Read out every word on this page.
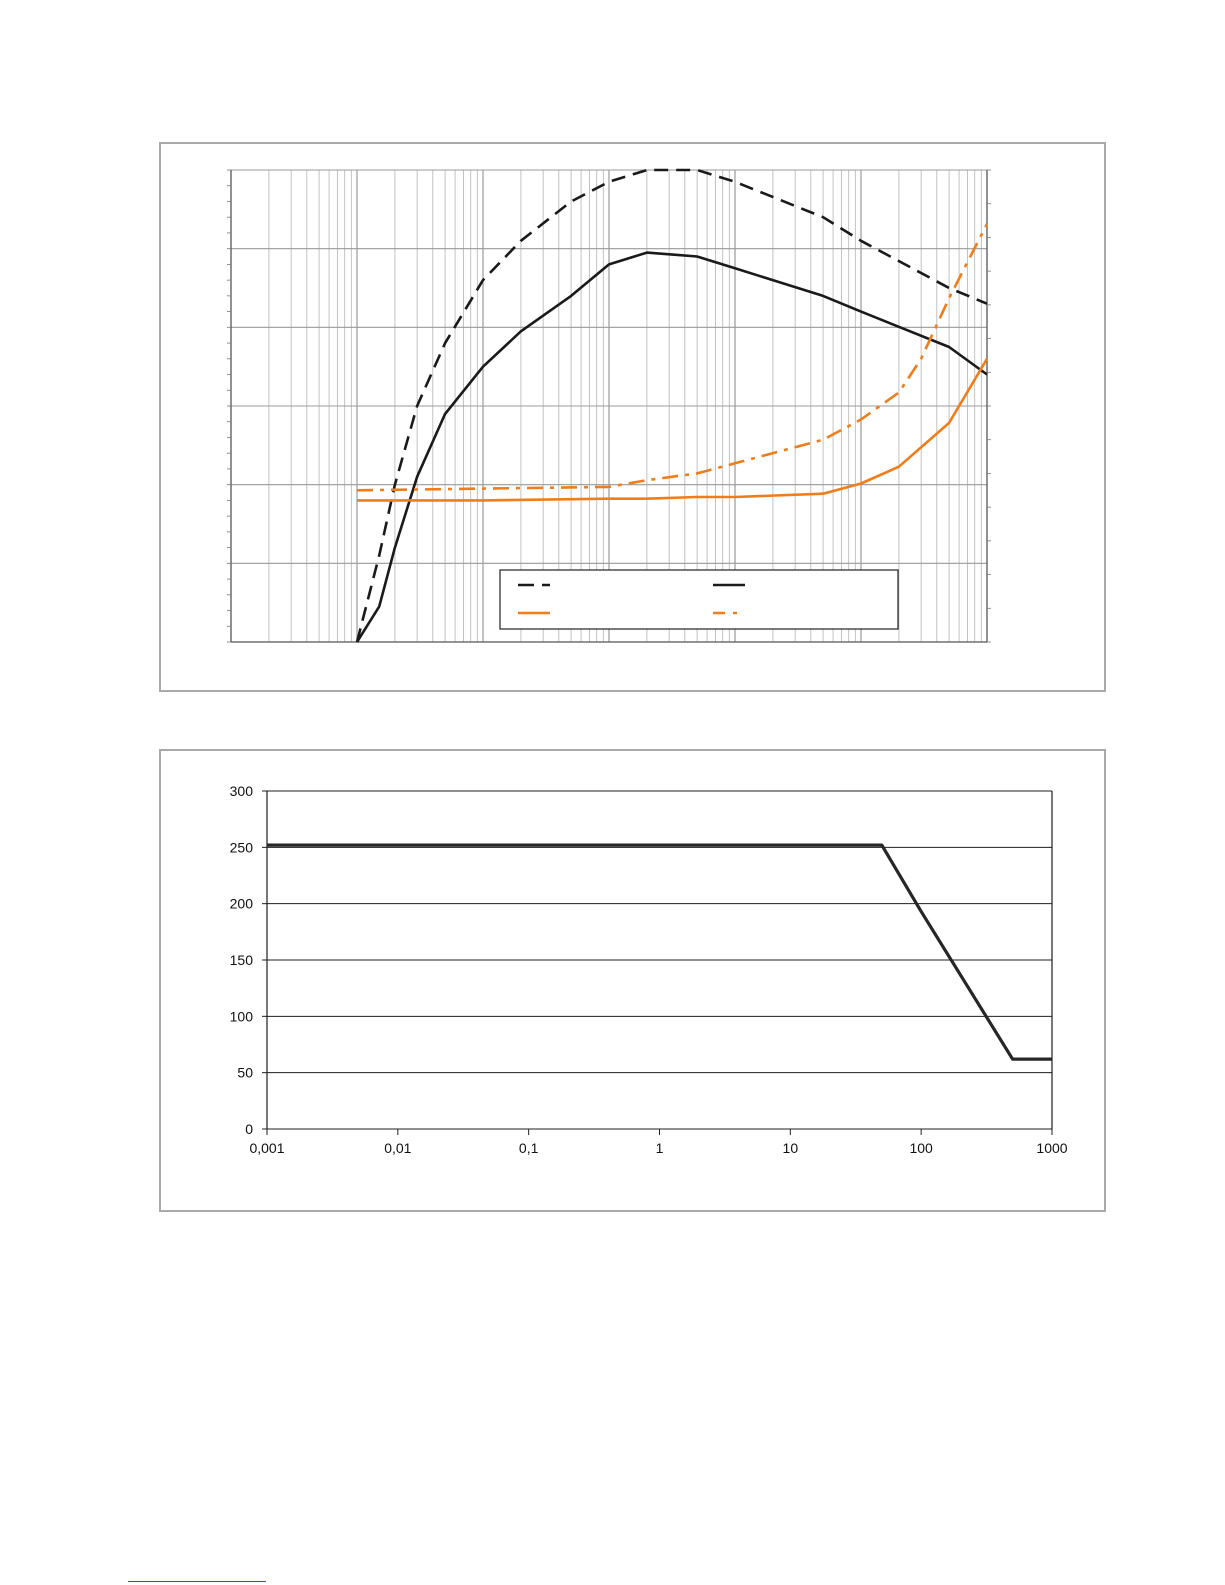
0
50
100
150
200
250
300
0,001	0,01	0,1	1	10	100	1000
